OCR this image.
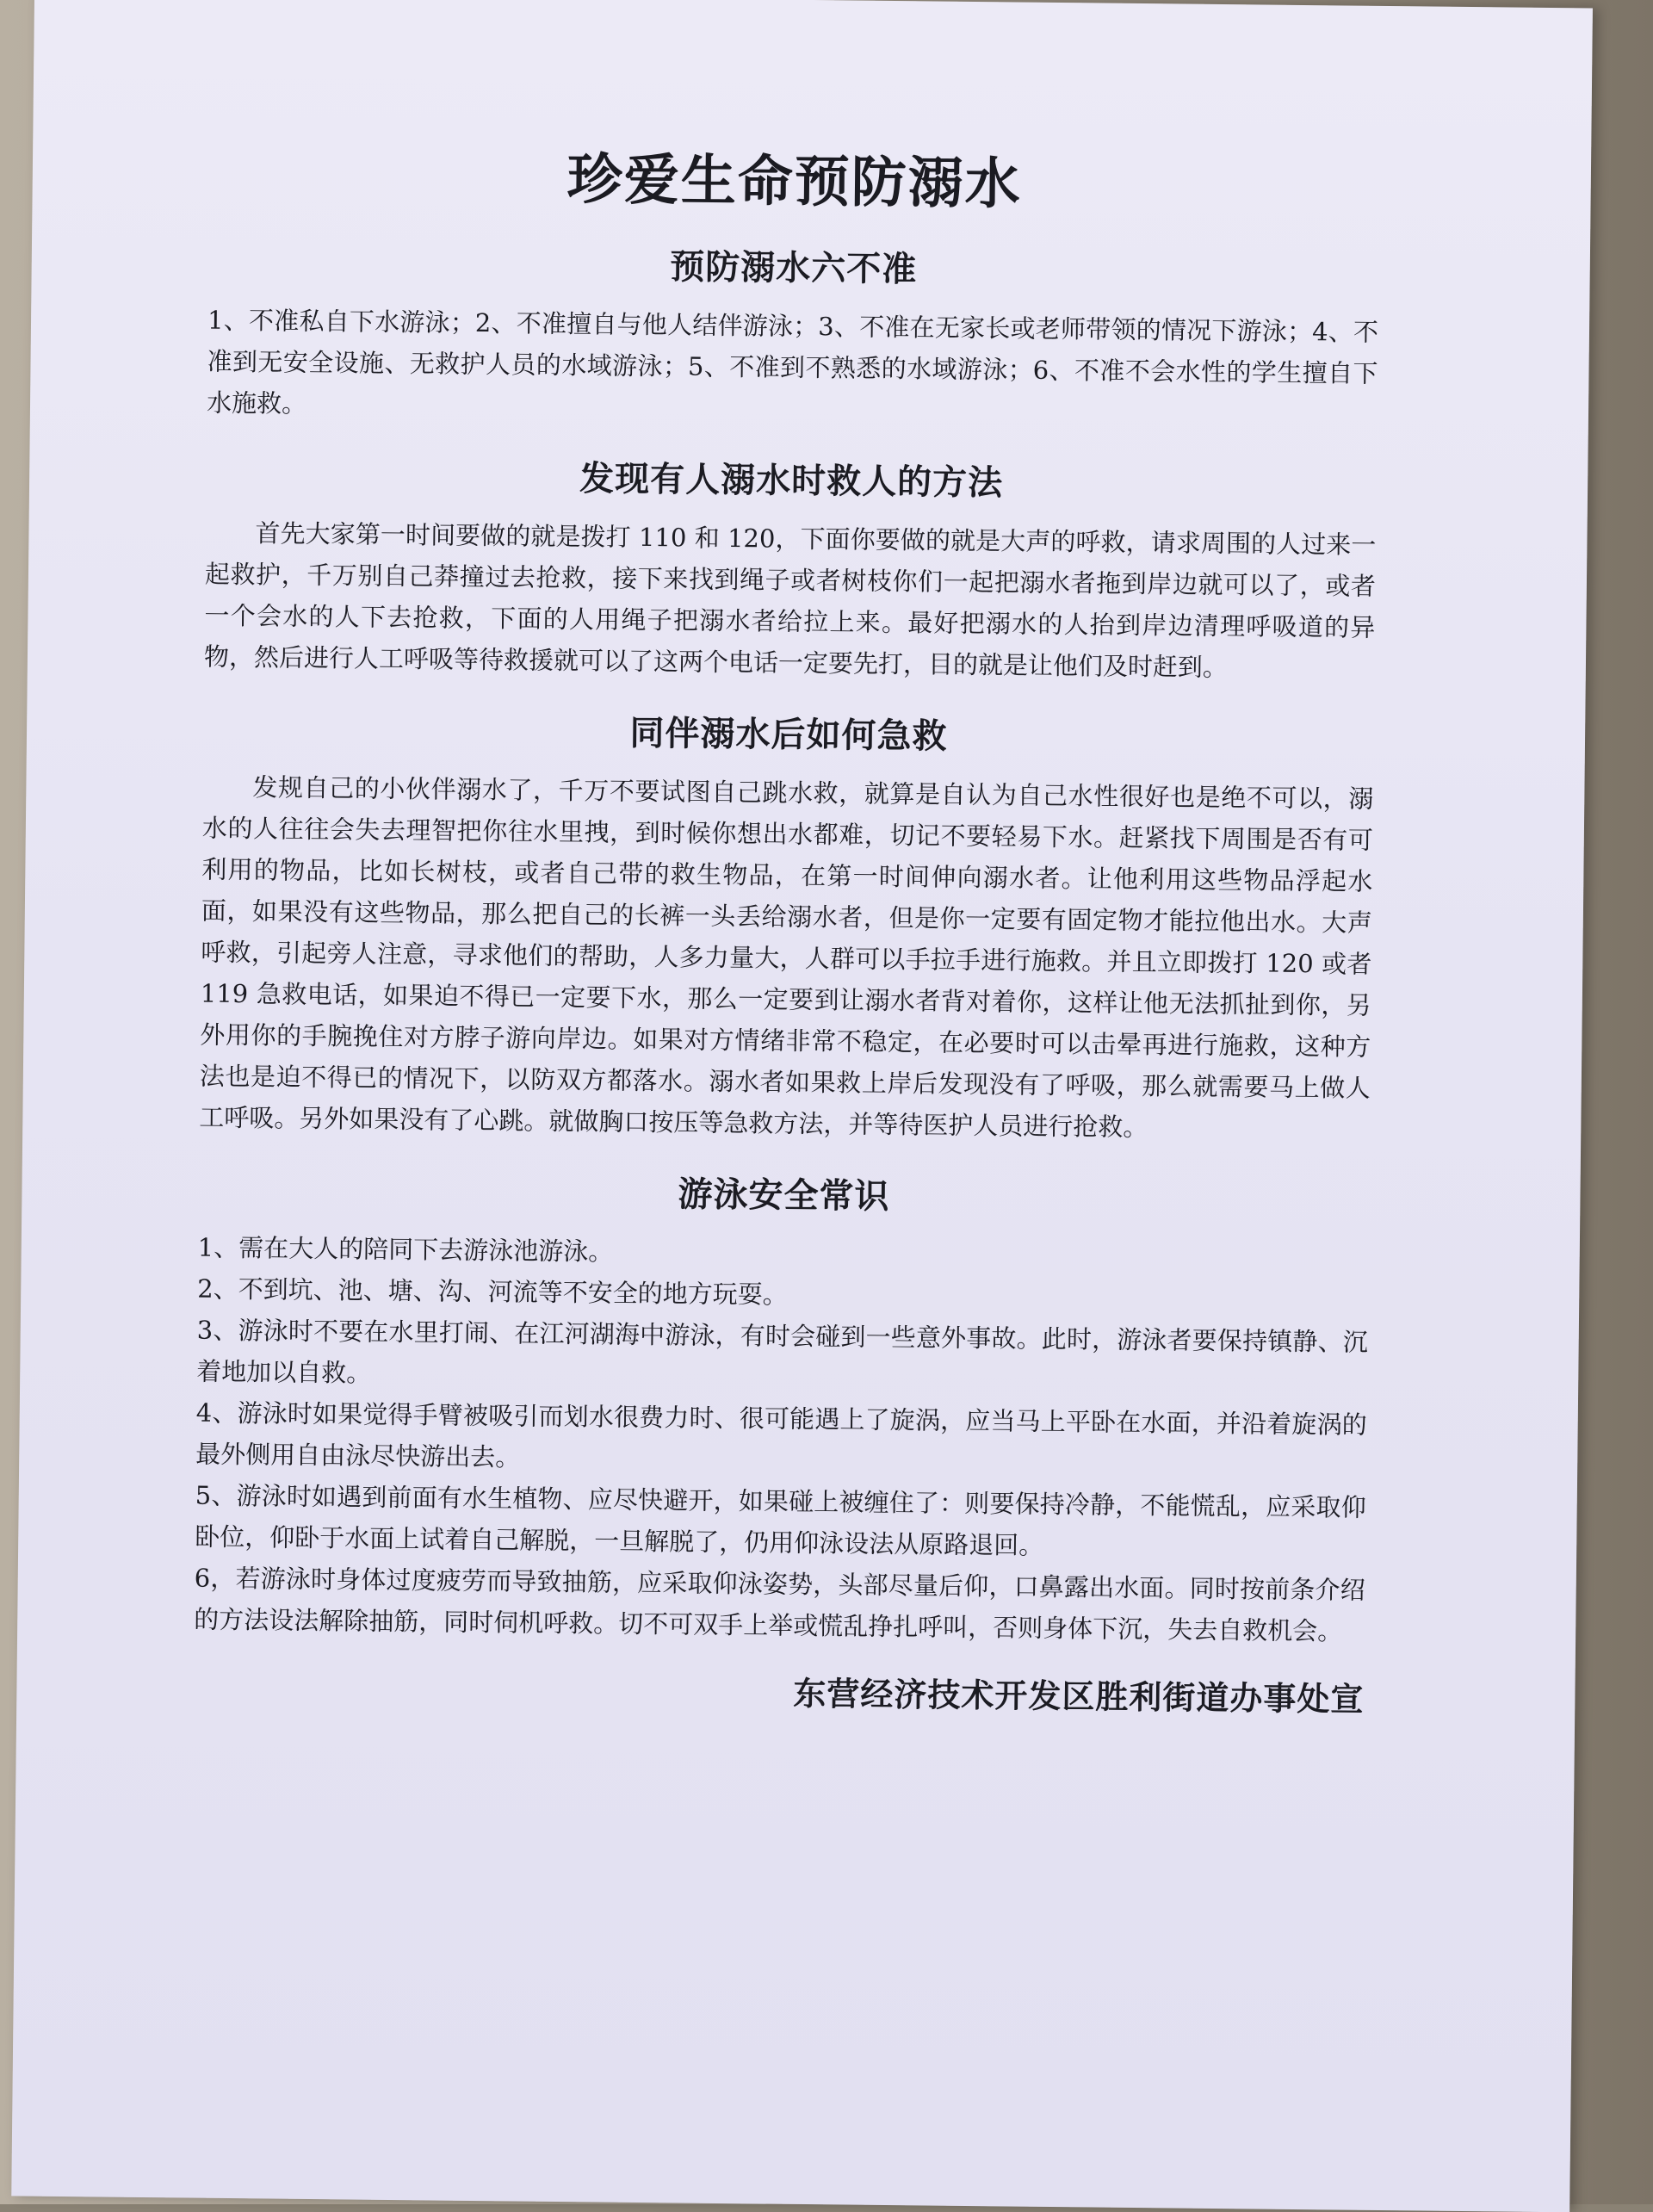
珍爱生命预防溺水
预防溺水六不准

1、不准私自下水游泳；2、不准擅自与他人结伴游泳；3、不准在无家长或老师带领的情况下游泳；4、不准到无安全设施、无救护人员的水域游泳；5、不准到不熟悉的水域游泳；6、不准不会水性的学生擅自下水施救。

发现有人溺水时救人的方法

首先大家第一时间要做的就是拨打 110 和 120，下面你要做的就是大声的呼救，请求周围的人过来一起救护，千万别自己莽撞过去抢救，接下来找到绳子或者树枝你们一起把溺水者拖到岸边就可以了，或者一个会水的人下去抢救，下面的人用绳子把溺水者给拉上来。最好把溺水的人抬到岸边清理呼吸道的异物，然后进行人工呼吸等待救援就可以了这两个电话一定要先打，目的就是让他们及时赶到。

同伴溺水后如何急救

发规自己的小伙伴溺水了，千万不要试图自己跳水救，就算是自认为自己水性很好也是绝不可以，溺水的人往往会失去理智把你往水里拽，到时候你想出水都难，切记不要轻易下水。赶紧找下周围是否有可利用的物品，比如长树枝，或者自己带的救生物品，在第一时间伸向溺水者。让他利用这些物品浮起水面，如果没有这些物品，那么把自己的长裤一头丢给溺水者，但是你一定要有固定物才能拉他出水。大声呼救，引起旁人注意，寻求他们的帮助，人多力量大，人群可以手拉手进行施救。并且立即拨打 120 或者 119 急救电话，如果迫不得已一定要下水，那么一定要到让溺水者背对着你，这样让他无法抓扯到你，另外用你的手腕挽住对方脖子游向岸边。如果对方情绪非常不稳定，在必要时可以击晕再进行施救，这种方法也是迫不得已的情况下，以防双方都落水。溺水者如果救上岸后发现没有了呼吸，那么就需要马上做人工呼吸。另外如果没有了心跳。就做胸口按压等急救方法，并等待医护人员进行抢救。

游泳安全常识
1、需在大人的陪同下去游泳池游泳。
2、不到坑、池、塘、沟、河流等不安全的地方玩耍。
3、游泳时不要在水里打闹、在江河湖海中游泳，有时会碰到一些意外事故。此时，游泳者要保持镇静、沉着地加以自救。
4、游泳时如果觉得手臂被吸引而划水很费力时、很可能遇上了旋涡，应当马上平卧在水面，并沿着旋涡的最外侧用自由泳尽快游出去。
5、游泳时如遇到前面有水生植物、应尽快避开，如果碰上被缠住了：则要保持冷静，不能慌乱，应采取仰卧位，仰卧于水面上试着自己解脱，一旦解脱了，仍用仰泳设法从原路退回。
6，若游泳时身体过度疲劳而导致抽筋，应采取仰泳姿势，头部尽量后仰，口鼻露出水面。同时按前条介绍的方法设法解除抽筋，同时伺机呼救。切不可双手上举或慌乱挣扎呼叫，否则身体下沉，失去自救机会。
东营经济技术开发区胜利街道办事处宣
